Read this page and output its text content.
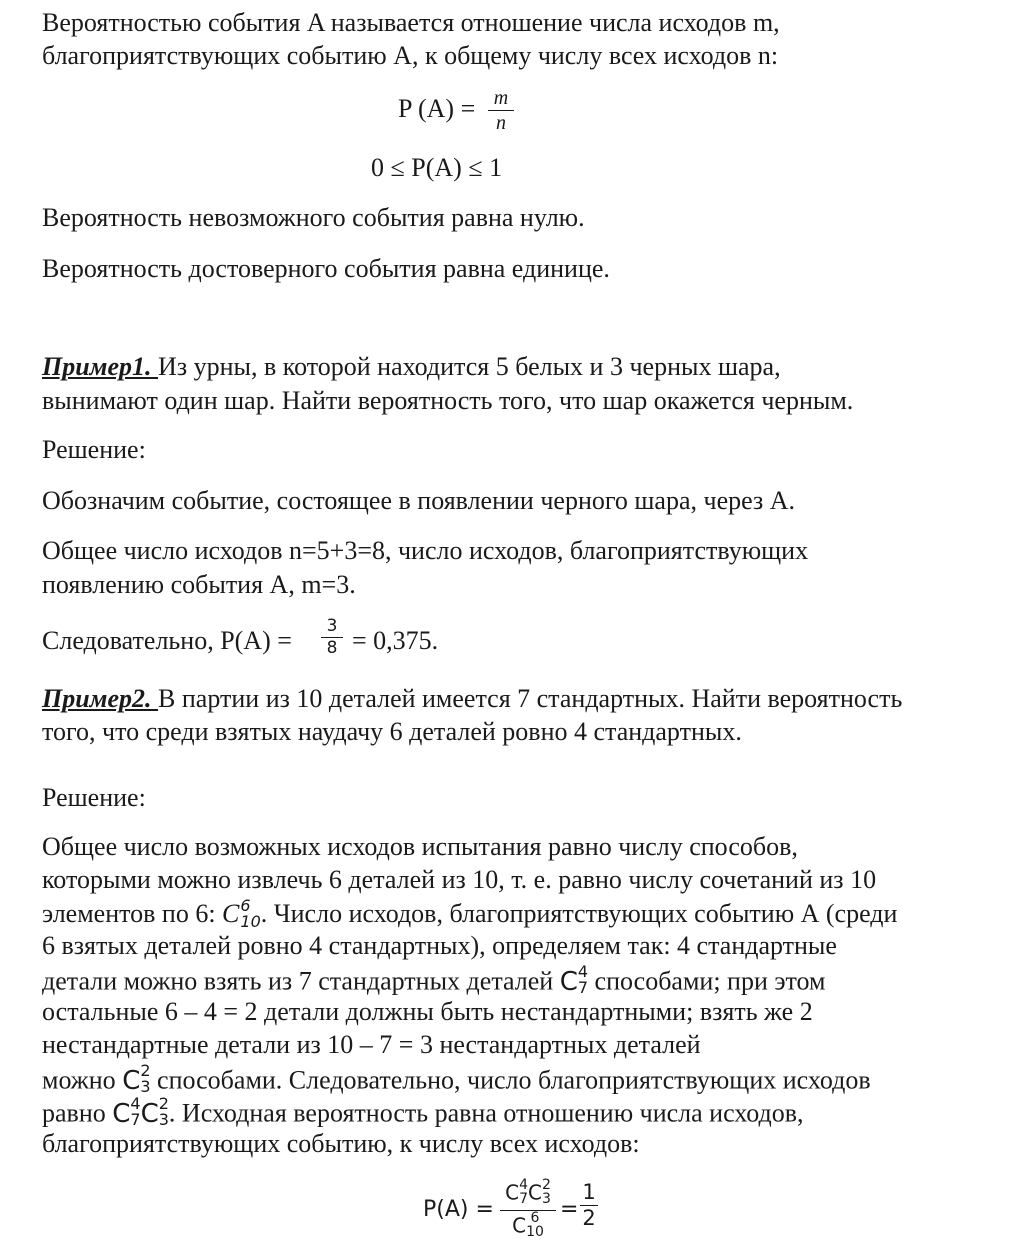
Вероятностью события A называется отношение числа исходов m,
благоприятствующих событию А, к общему числу всех исходов n:
P (A) = m
n
0 ≤ P(A) ≤ 1
Вероятность невозможного события равна нулю.
Вероятность достоверного события равна единице.
Пример1. Из урны, в которой находится 5 белых и 3 черных шара,
вынимают один шар. Найти вероятность того, что шар окажется черным.
Решение:
Обозначим событие, состоящее в появлении черного шара, через А.
Общее число исходов n=5+3=8, число исходов, благоприятствующих
появлению события А, m=3.
Следовательно, Р(А) =	3
8 = 0,375.
Пример2. В партии из 10 деталей имеется 7 стандартных. Найти вероятность
того, что среди взятых наудачу 6 деталей ровно 4 стандартных.
Решение:
Общее число возможных исходов испытания равно числу способов,
которыми можно извлечь 6 деталей из 10, т. е. равно числу сочетаний из 10
элементов по 6: C 6
10 . Число исходов, благоприятствующих событию А (среди
6 взятых деталей ровно 4 стандартных), определяем так: 4 стандартные
детали можно взять из 7 стандартных деталей C 4
7 способами; при этом
остальные 6 – 4 = 2 детали должны быть нестандартными; взять же 2
нестандартные детали из 10 – 7 = 3 нестандартных деталей
можно C 2
3 способами. Следовательно, число благоприятствующих исходов
равно C 4
7 C 2
3 . Исходная вероятность равна отношению числа исходов,
благоприятствующих событию, к числу всех исходов:
P(A) =
C 4
7 C 2
3
C 6
10
=
1
2
